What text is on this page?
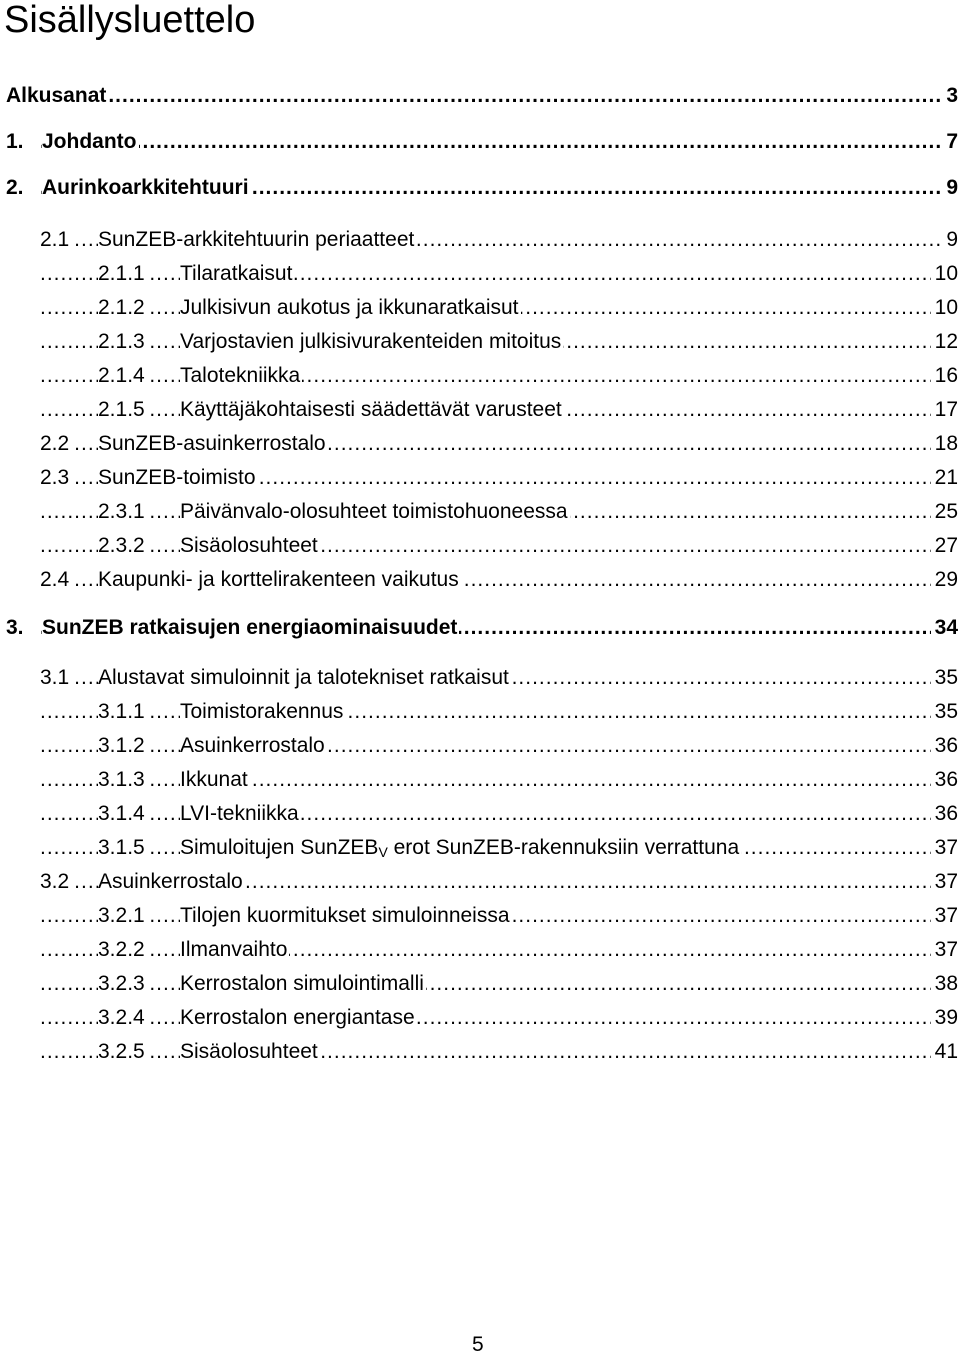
Sisällysluettelo
.....
Alkusanat	3
.....
1. Johdanto	7
.....
2. Aurinkoarkkitehtuuri	9
.....
2.1 SunZEB-arkkitehtuurin periaatteet	9
.....
2.1.1 Tilaratkaisut	10
.....
2.1.2 Julkisivun aukotus ja ikkunaratkaisut	10
.....
2.1.3 Varjostavien julkisivurakenteiden mitoitus	12
.....
2.1.4 Talotekniikka	16
.....
2.1.5 Käyttäjäkohtaisesti säädettävät varusteet	17
.....
2.2 SunZEB-asuinkerrostalo	18
.....
2.3 SunZEB-toimisto	21
.....
2.3.1 Päivänvalo-olosuhteet toimistohuoneessa	25
.....
2.3.2 Sisäolosuhteet	27
.....
2.4 Kaupunki- ja korttelirakenteen vaikutus	29
.....
3. SunZEB ratkaisujen energiaominaisuudet	34
.....
3.1 Alustavat simuloinnit ja talotekniset ratkaisut	35
.....
3.1.1 Toimistorakennus	35
.....
3.1.2 Asuinkerrostalo	36
.....
3.1.3 Ikkunat	36
.....
3.1.4 LVI-tekniikka	36
.....
3.1.5 Simuloitujen SunZEB$_V$ erot SunZEB-rakennuksiin verrattuna	37
.....
3.2 Asuinkerrostalo	37
.....
3.2.1 Tilojen kuormitukset simuloinneissa	37
.....
3.2.2 Ilmanvaihto	37
.....
3.2.3 Kerrostalon simulointimalli	38
.....
3.2.4 Kerrostalon energiantase	39
.....
3.2.5 Sisäolosuhteet	41
5
